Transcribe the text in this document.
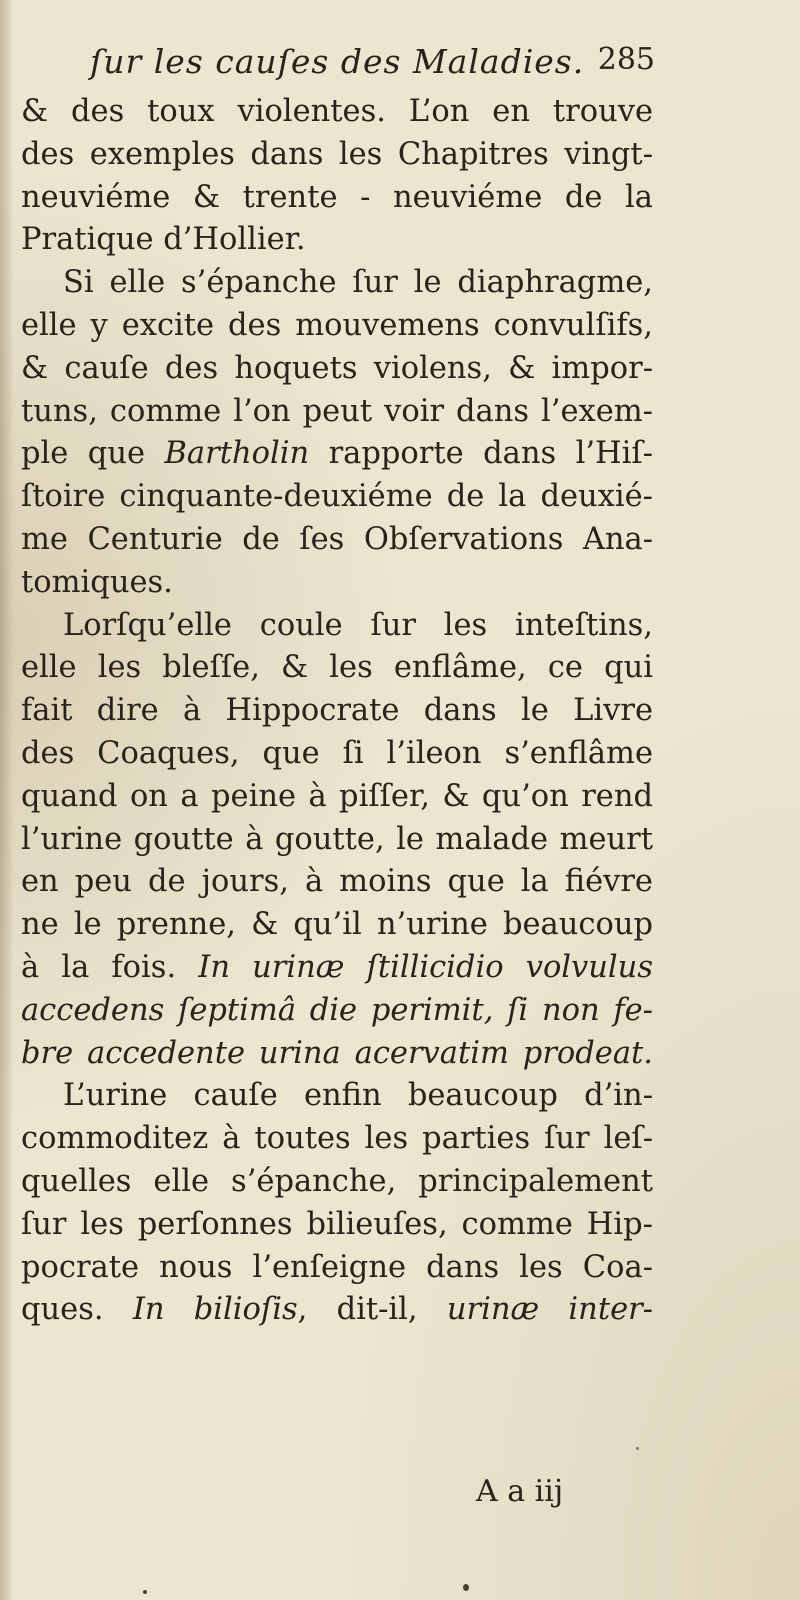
ſur les cauſes des Maladies. 285
& des toux violentes. L’on en trouve
des exemples dans les Chapitres vingt-
neuviéme & trente - neuviéme de la
Pratique d’Hollier.
Si elle s’épanche ſur le diaphragme,
elle y excite des mouvemens convulſifs,
& cauſe des hoquets violens, & impor-
tuns, comme l’on peut voir dans l’exem-
ple que Bartholin rapporte dans l’Hiſ-
ſtoire cinquante-deuxiéme de la deuxié-
me Centurie de ſes Obſervations Ana-
tomiques.
Lorſqu’elle coule ſur les inteſtins,
elle les bleſſe, & les enflâme, ce qui
fait dire à Hippocrate dans le Livre
des Coaques, que ſi l’ileon s’enflâme
quand on a peine à piſſer, & qu’on rend
l’urine goutte à goutte, le malade meurt
en peu de jours, à moins que la fiévre
ne le prenne, & qu’il n’urine beaucoup
à la fois. In urinæ ſtillicidio volvulus
accedens ſeptimâ die perimit, ſi non fe-
bre accedente urina acervatim prodeat.
L’urine cauſe enfin beaucoup d’in-
commoditez à toutes les parties ſur leſ-
quelles elle s’épanche, principalement
ſur les perſonnes bilieuſes, comme Hip-
pocrate nous l’enſeigne dans les Coa-
ques. In bilioſis, dit-il, urinæ inter-
A a iij
